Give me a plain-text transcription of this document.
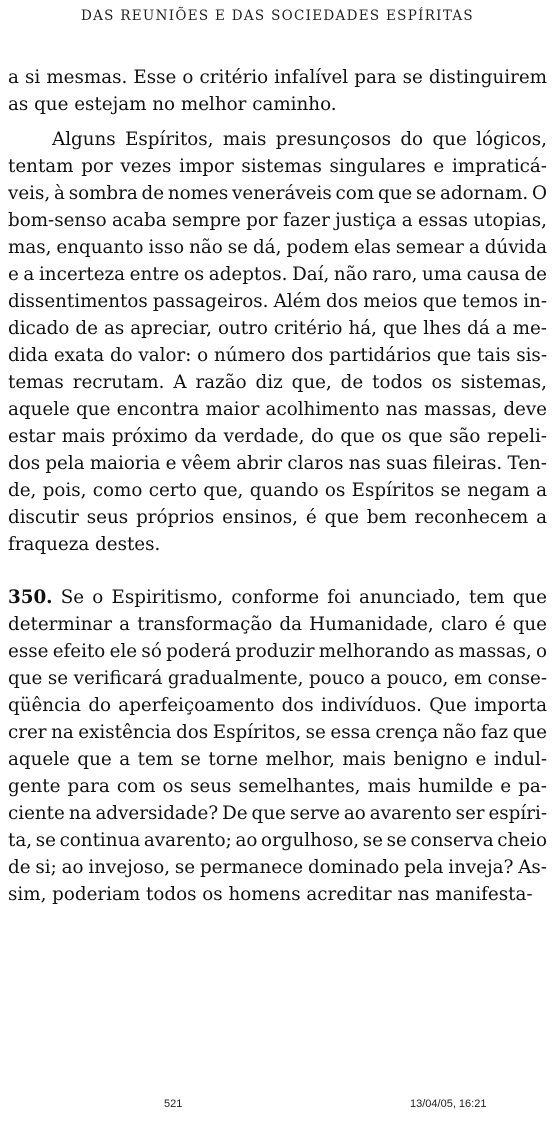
DAS REUNIÕES E DAS SOCIEDADES ESPÍRITAS
a si mesmas. Esse o critério infalível para se distinguirem
as que estejam no melhor caminho.
Alguns Espíritos, mais presunçosos do que lógicos,
tentam por vezes impor sistemas singulares e impraticá-
veis, à sombra de nomes veneráveis com que se adornam. O
bom-senso acaba sempre por fazer justiça a essas utopias,
mas, enquanto isso não se dá, podem elas semear a dúvida
e a incerteza entre os adeptos. Daí, não raro, uma causa de
dissentimentos passageiros. Além dos meios que temos in-
dicado de as apreciar, outro critério há, que lhes dá a me-
dida exata do valor: o número dos partidários que tais sis-
temas recrutam. A razão diz que, de todos os sistemas,
aquele que encontra maior acolhimento nas massas, deve
estar mais próximo da verdade, do que os que são repeli-
dos pela maioria e vêem abrir claros nas suas fileiras. Ten-
de, pois, como certo que, quando os Espíritos se negam a
discutir seus próprios ensinos, é que bem reconhecem a
fraqueza destes.
350. Se o Espiritismo, conforme foi anunciado, tem que
determinar a transformação da Humanidade, claro é que
esse efeito ele só poderá produzir melhorando as massas, o
que se verificará gradualmente, pouco a pouco, em conse-
qüência do aperfeiçoamento dos indivíduos. Que importa
crer na existência dos Espíritos, se essa crença não faz que
aquele que a tem se torne melhor, mais benigno e indul-
gente para com os seus semelhantes, mais humilde e pa-
ciente na adversidade? De que serve ao avarento ser espíri-
ta, se continua avarento; ao orgulhoso, se se conserva cheio
de si; ao invejoso, se permanece dominado pela inveja? As-
sim, poderiam todos os homens acreditar nas manifesta-
521	13/04/05, 16:21
